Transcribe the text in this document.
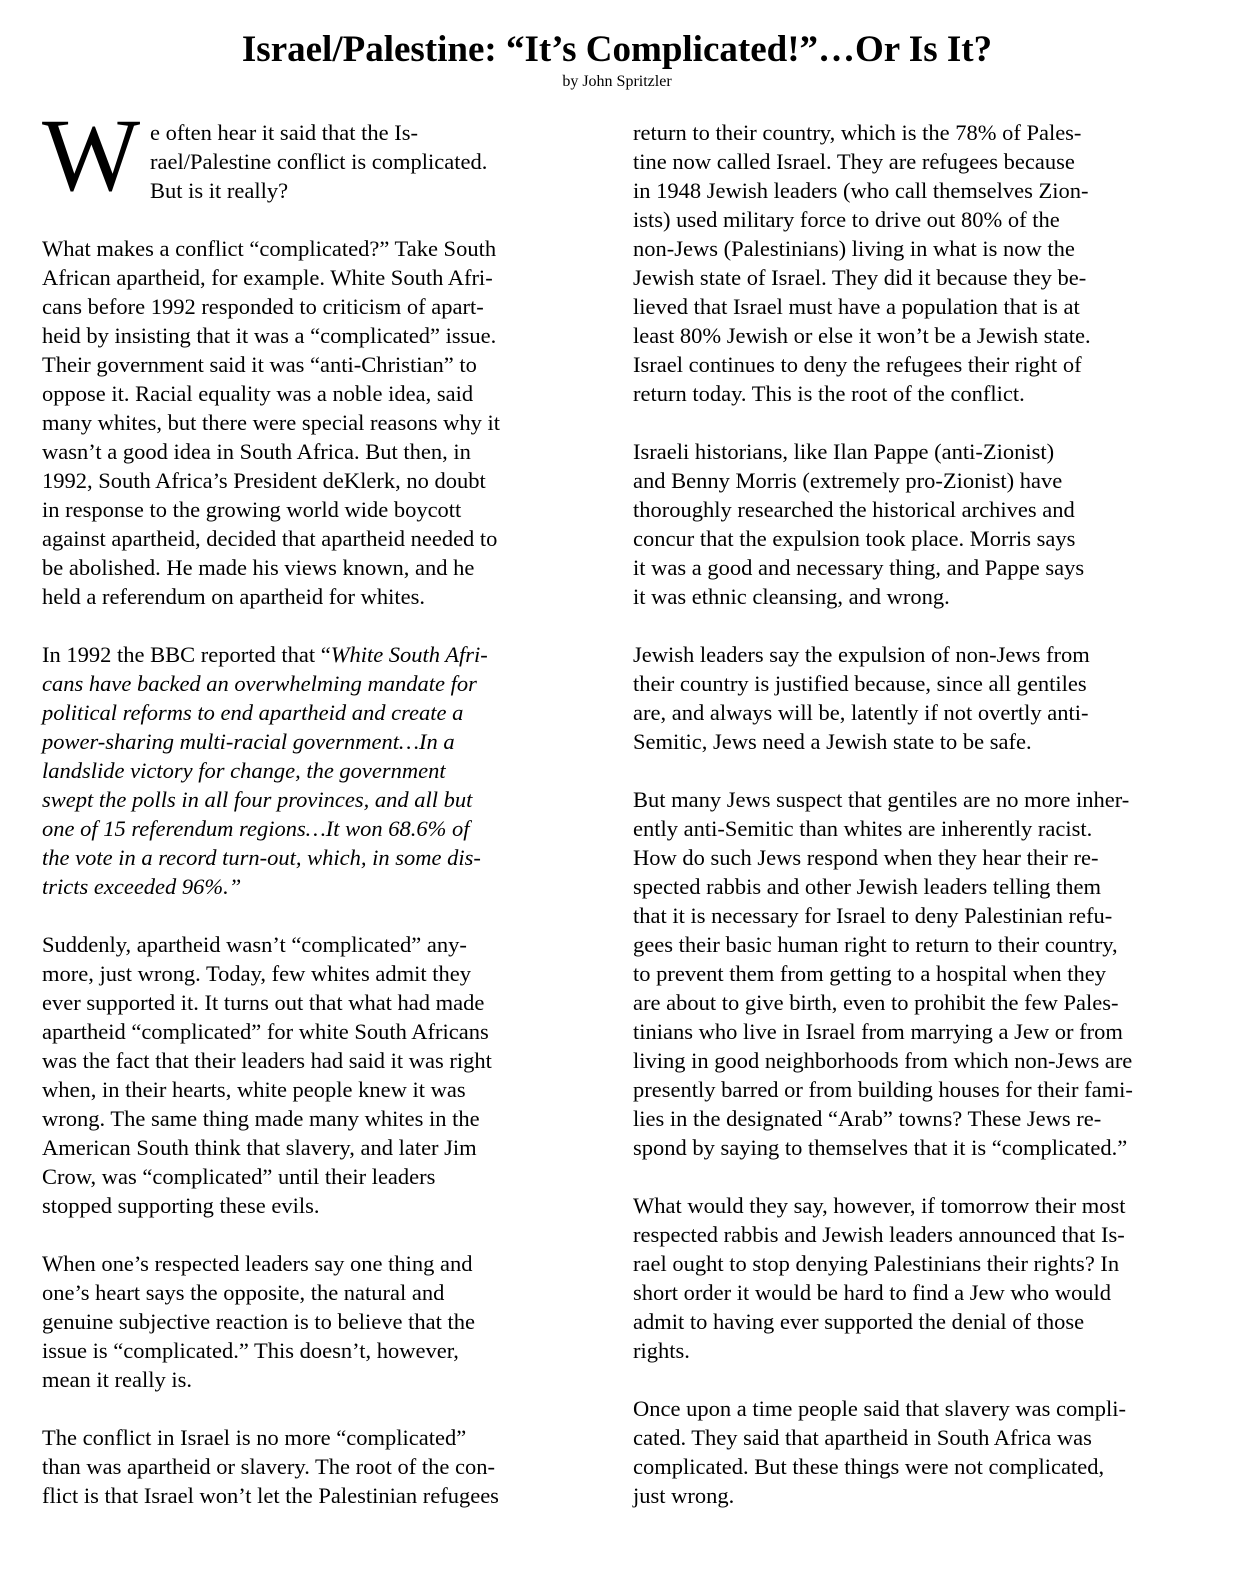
Israel/Palestine: “It’s Complicated!”…Or Is It?
by John Spritzler
W e often hear it said that the Is-
rael/Palestine conflict is complicated.
But is it really?
What makes a conflict “complicated?” Take South
African apartheid, for example. White South Afri-
cans before 1992 responded to criticism of apart-
heid by insisting that it was a “complicated” issue.
Their government said it was “anti-Christian” to
oppose it. Racial equality was a noble idea, said
many whites, but there were special reasons why it
wasn’t a good idea in South Africa. But then, in
1992, South Africa’s President deKlerk, no doubt
in response to the growing world wide boycott
against apartheid, decided that apartheid needed to
be abolished. He made his views known, and he
held a referendum on apartheid for whites.
In 1992 the BBC reported that “White South Afri-
cans have backed an overwhelming mandate for
political reforms to end apartheid and create a
power-sharing multi-racial government…In a
landslide victory for change, the government
swept the polls in all four provinces, and all but
one of 15 referendum regions…It won 68.6% of
the vote in a record turn-out, which, in some dis-
tricts exceeded 96%.”
Suddenly, apartheid wasn’t “complicated” any-
more, just wrong. Today, few whites admit they
ever supported it. It turns out that what had made
apartheid “complicated” for white South Africans
was the fact that their leaders had said it was right
when, in their hearts, white people knew it was
wrong. The same thing made many whites in the
American South think that slavery, and later Jim
Crow, was “complicated” until their leaders
stopped supporting these evils.
When one’s respected leaders say one thing and
one’s heart says the opposite, the natural and
genuine subjective reaction is to believe that the
issue is “complicated.” This doesn’t, however,
mean it really is.
The conflict in Israel is no more “complicated”
than was apartheid or slavery. The root of the con-
flict is that Israel won’t let the Palestinian refugees
return to their country, which is the 78% of Pales-
tine now called Israel. They are refugees because
in 1948 Jewish leaders (who call themselves Zion-
ists) used military force to drive out 80% of the
non-Jews (Palestinians) living in what is now the
Jewish state of Israel. They did it because they be-
lieved that Israel must have a population that is at
least 80% Jewish or else it won’t be a Jewish state.
Israel continues to deny the refugees their right of
return today. This is the root of the conflict.
Israeli historians, like Ilan Pappe (anti-Zionist)
and Benny Morris (extremely pro-Zionist) have
thoroughly researched the historical archives and
concur that the expulsion took place. Morris says
it was a good and necessary thing, and Pappe says
it was ethnic cleansing, and wrong.
Jewish leaders say the expulsion of non-Jews from
their country is justified because, since all gentiles
are, and always will be, latently if not overtly anti-
Semitic, Jews need a Jewish state to be safe.
But many Jews suspect that gentiles are no more inher-
ently anti-Semitic than whites are inherently racist.
How do such Jews respond when they hear their re-
spected rabbis and other Jewish leaders telling them
that it is necessary for Israel to deny Palestinian refu-
gees their basic human right to return to their country,
to prevent them from getting to a hospital when they
are about to give birth, even to prohibit the few Pales-
tinians who live in Israel from marrying a Jew or from
living in good neighborhoods from which non-Jews are
presently barred or from building houses for their fami-
lies in the designated “Arab” towns? These Jews re-
spond by saying to themselves that it is “complicated.”
What would they say, however, if tomorrow their most
respected rabbis and Jewish leaders announced that Is-
rael ought to stop denying Palestinians their rights? In
short order it would be hard to find a Jew who would
admit to having ever supported the denial of those
rights.
Once upon a time people said that slavery was compli-
cated. They said that apartheid in South Africa was
complicated. But these things were not complicated,
just wrong.
